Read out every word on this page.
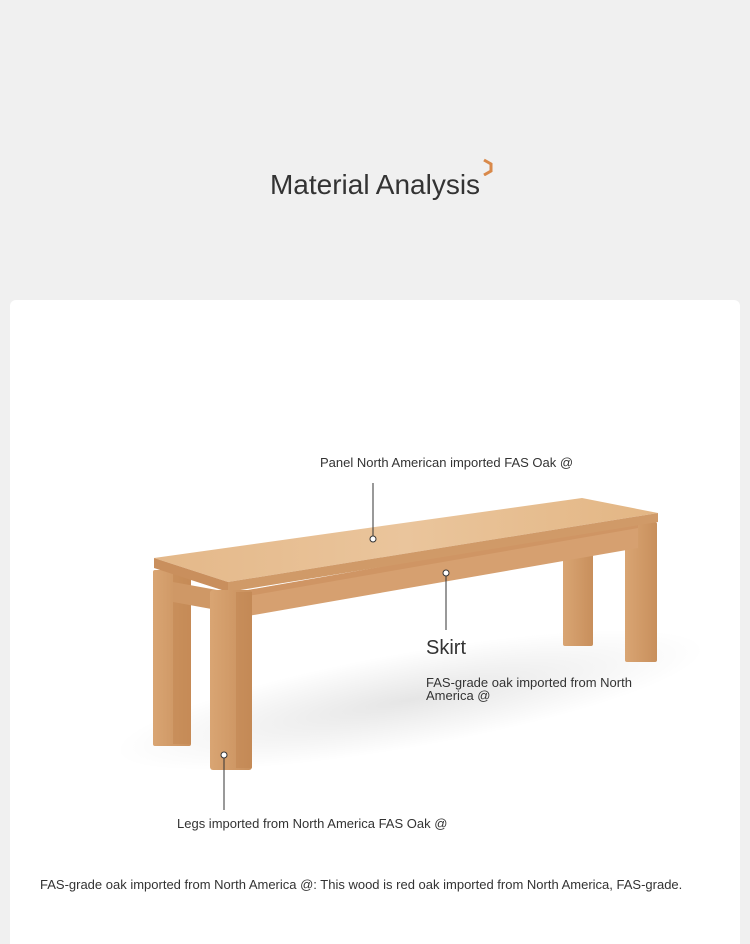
Material Analysis
Panel North American imported FAS Oak @
Skirt
FAS-grade oak imported from North America @
Legs imported from North America FAS Oak @
FAS-grade oak imported from North America @: This wood is red oak imported from North America, FAS-grade.
